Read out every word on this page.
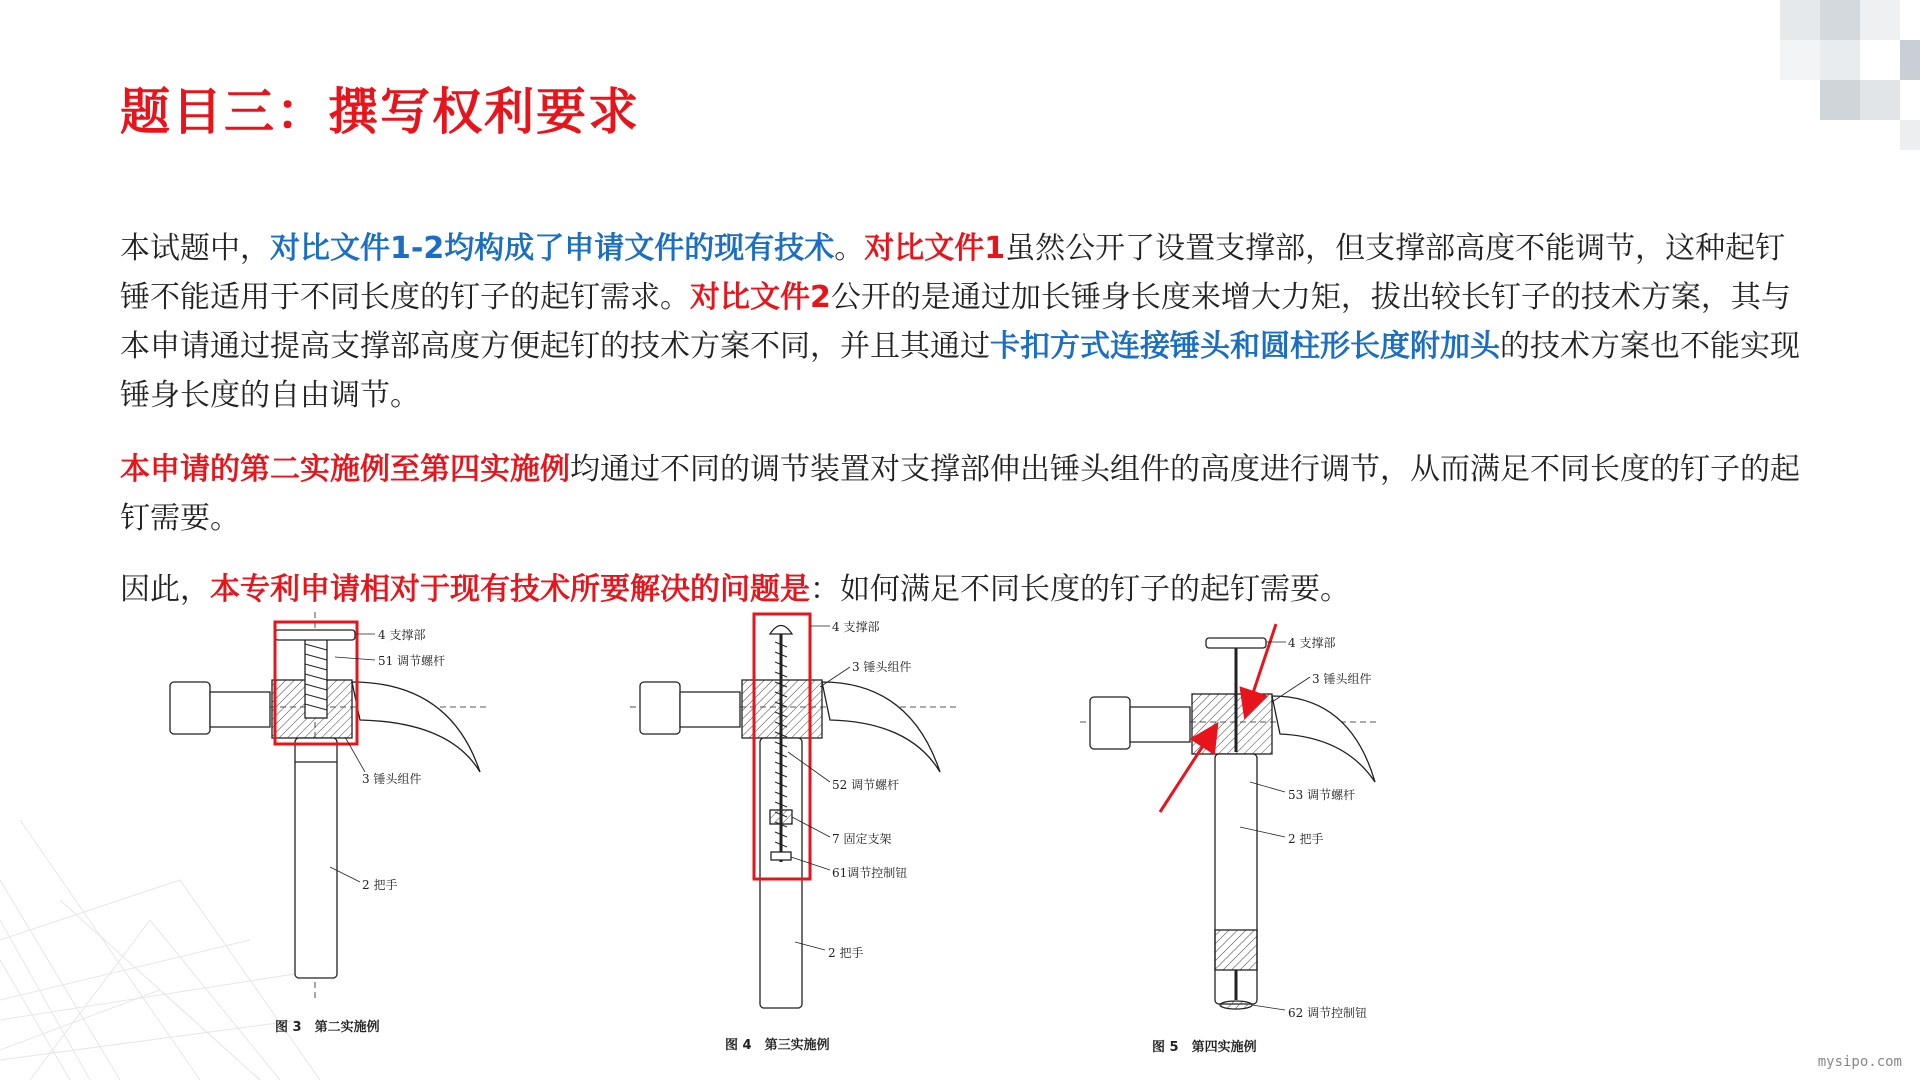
题目三：撰写权利要求
本试题中，对比文件1-2均构成了申请文件的现有技术。对比文件1虽然公开了设置支撑部，但支撑部高度不能调节，这种起钉锤不能适用于不同长度的钉子的起钉需求。对比文件2公开的是通过加长锤身长度来增大力矩，拔出较长钉子的技术方案，其与本申请通过提高支撑部高度方便起钉的技术方案不同，并且其通过卡扣方式连接锤头和圆柱形长度附加头的技术方案也不能实现锤身长度的自由调节。
本申请的第二实施例至第四实施例均通过不同的调节装置对支撑部伸出锤头组件的高度进行调节，从而满足不同长度的钉子的起钉需要。
因此，本专利申请相对于现有技术所要解决的问题是：如何满足不同长度的钉子的起钉需要。
4 支撑部
51 调节螺杆
3 锤头组件
2 把手
图 3　第二实施例
4 支撑部
3 锤头组件
52 调节螺杆
7 固定支架
61调节控制钮
2 把手
图 4　第三实施例
4 支撑部
3 锤头组件
53 调节螺杆
2 把手
62 调节控制钮
图 5　第四实施例
mysipo.com
